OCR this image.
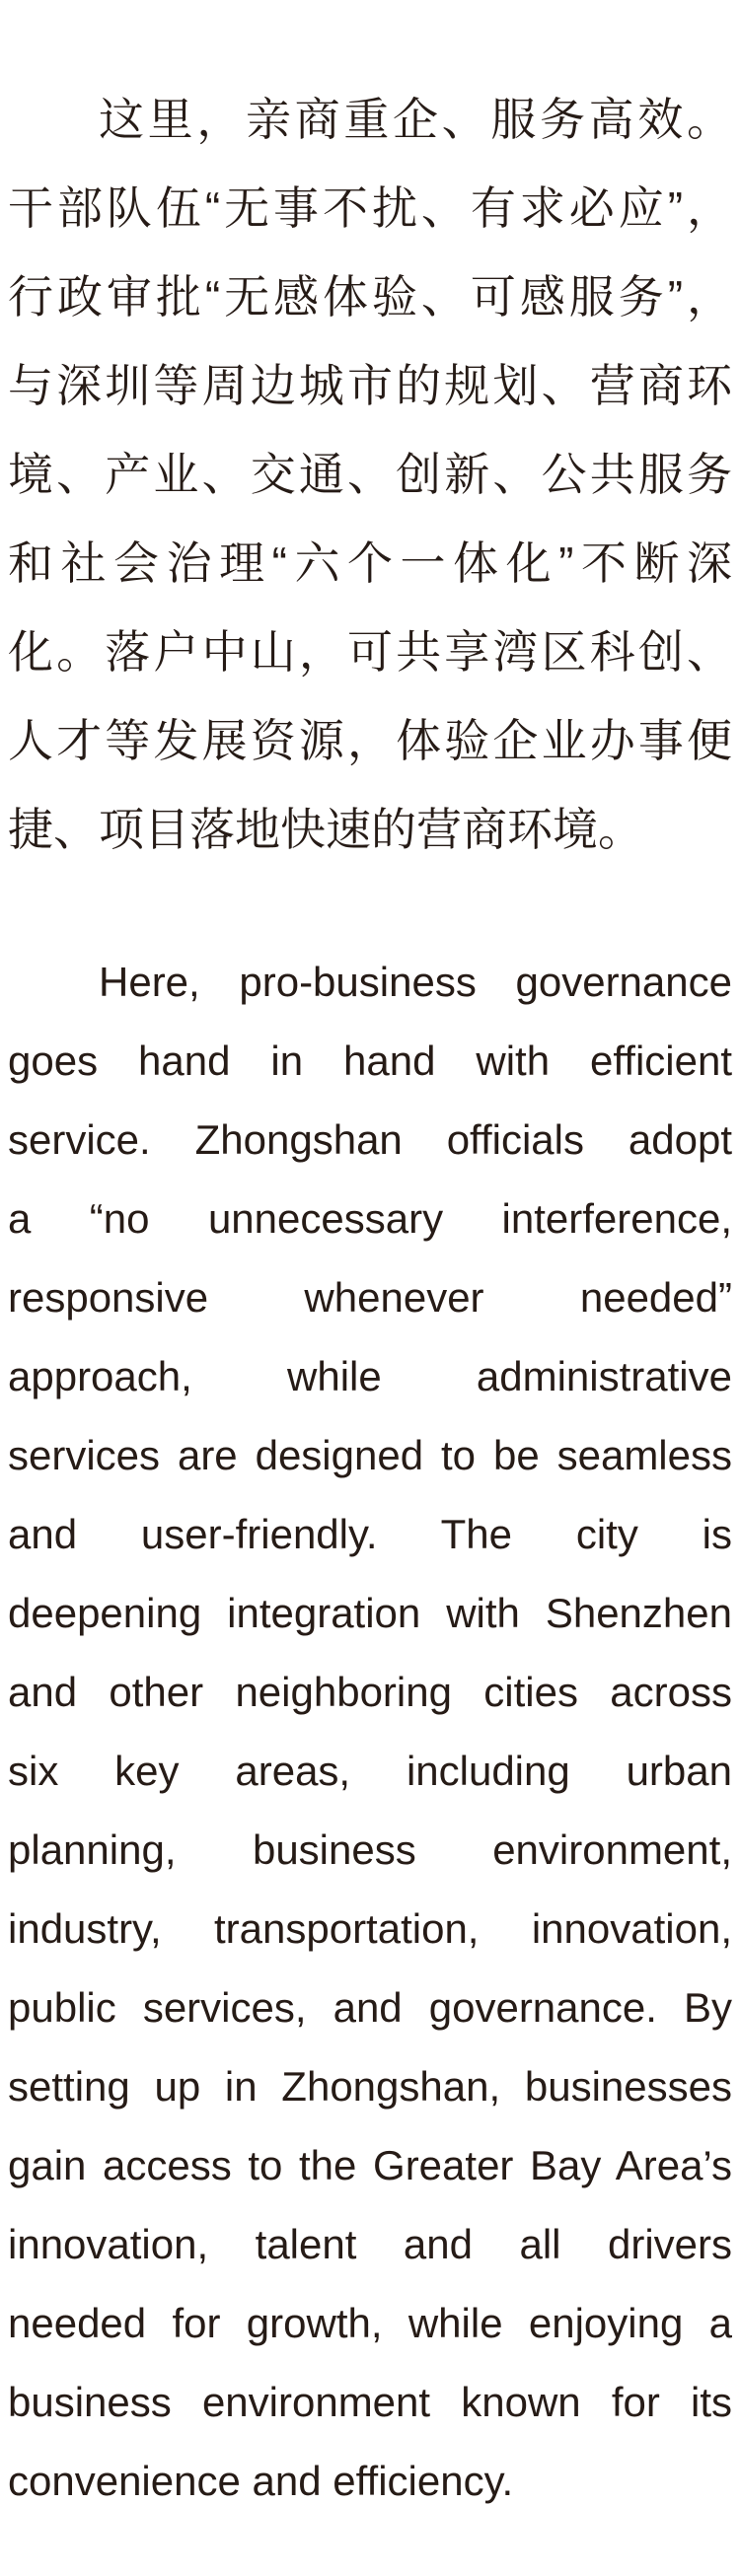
这里，亲商重企、服务高效。
干部队伍“无事不扰、有求必应”，
行政审批“无感体验、可感服务”，
与深圳等周边城市的规划、营商环
境、产业、交通、创新、公共服务
和社会治理“六个一体化”不断深
化。落户中山，可共享湾区科创、
人才等发展资源，体验企业办事便
捷、项目落地快速的营商环境。
Here, pro-business governance
goes hand in hand with efficient
service. Zhongshan officials adopt
a “no unnecessary interference,
responsive whenever needed”
approach, while administrative
services are designed to be seamless
and user-friendly. The city is
deepening integration with Shenzhen
and other neighboring cities across
six key areas, including urban
planning, business environment,
industry, transportation, innovation,
public services, and governance. By
setting up in Zhongshan, businesses
gain access to the Greater Bay Area’s
innovation, talent and all drivers
needed for growth, while enjoying a
business environment known for its
convenience and efficiency.
